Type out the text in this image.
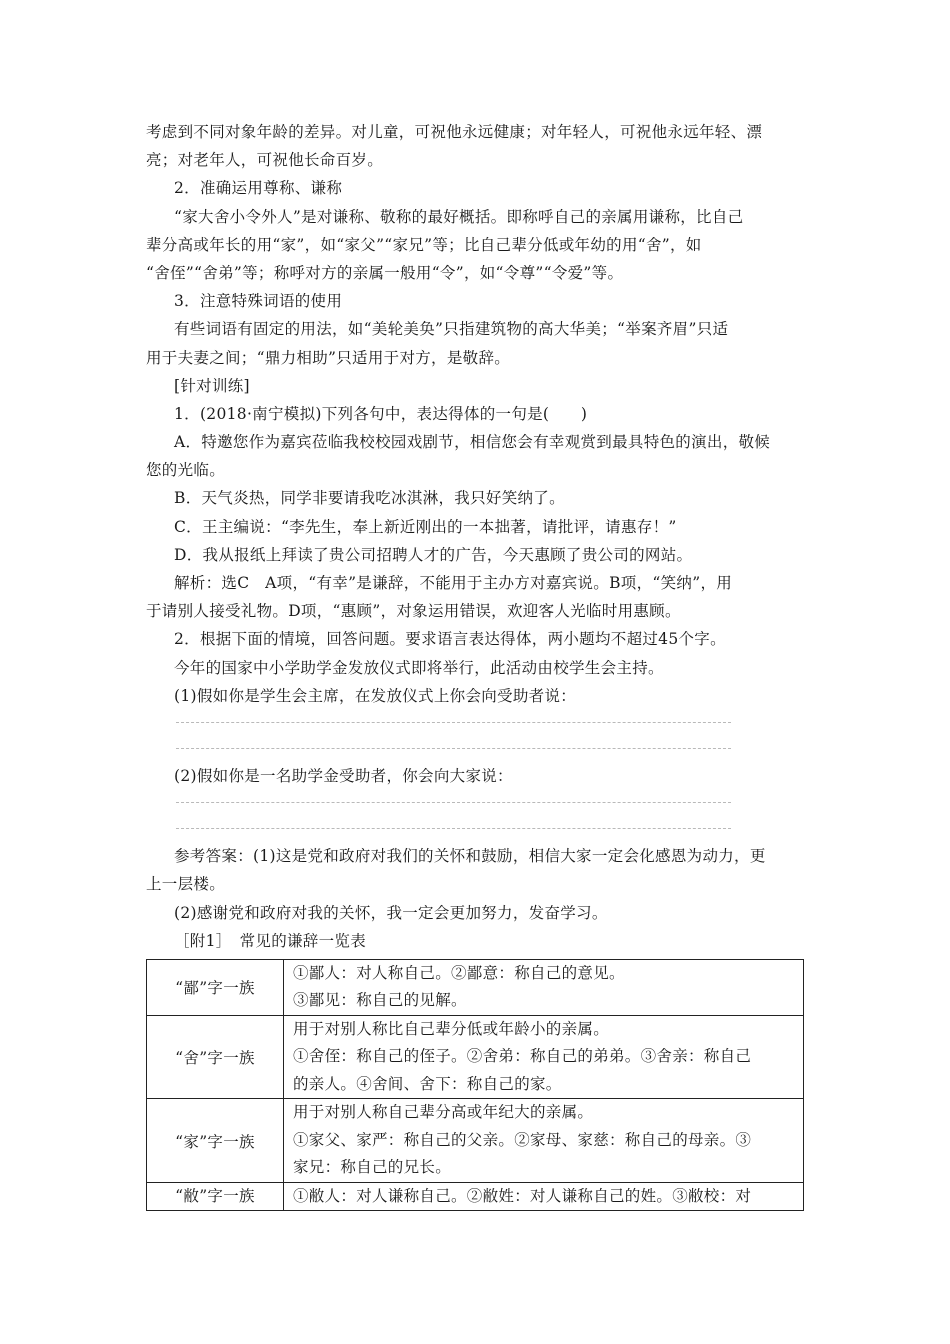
考虑到不同对象年龄的差异。对儿童，可祝他永远健康；对年轻人，可祝他永远年轻、漂
亮；对老年人，可祝他长命百岁。
2．准确运用尊称、谦称
“家大舍小令外人”是对谦称、敬称的最好概括。即称呼自己的亲属用谦称，比自己
辈分高或年长的用“家”，如“家父”“家兄”等；比自己辈分低或年幼的用“舍”，如
“舍侄”“舍弟”等；称呼对方的亲属一般用“令”，如“令尊”“令爱”等。
3．注意特殊词语的使用
有些词语有固定的用法，如“美轮美奂”只指建筑物的高大华美；“举案齐眉”只适
用于夫妻之间；“鼎力相助”只适用于对方，是敬辞。
[针对训练]
1．(2018·南宁模拟)下列各句中，表达得体的一句是(　　)
A．特邀您作为嘉宾莅临我校校园戏剧节，相信您会有幸观赏到最具特色的演出，敬候
您的光临。
B．天气炎热，同学非要请我吃冰淇淋，我只好笑纳了。
C．王主编说：“李先生，奉上新近刚出的一本拙著，请批评，请惠存！”
D．我从报纸上拜读了贵公司招聘人才的广告，今天惠顾了贵公司的网站。
解析：选C　A项，“有幸”是谦辞，不能用于主办方对嘉宾说。B项，“笑纳”，用
于请别人接受礼物。D项，“惠顾”，对象运用错误，欢迎客人光临时用惠顾。
2．根据下面的情境，回答问题。要求语言表达得体，两小题均不超过45个字。
今年的国家中小学助学金发放仪式即将举行，此活动由校学生会主持。
(1)假如你是学生会主席，在发放仪式上你会向受助者说：
(2)假如你是一名助学金受助者，你会向大家说：
参考答案：(1)这是党和政府对我们的关怀和鼓励，相信大家一定会化感恩为动力，更
上一层楼。
(2)感谢党和政府对我的关怀，我一定会更加努力，发奋学习。
［附1］　常见的谦辞一览表
“鄙”字一族
①鄙人：对人称自己。②鄙意：称自己的意见。
③鄙见：称自己的见解。
“舍”字一族
用于对别人称比自己辈分低或年龄小的亲属。
①舍侄：称自己的侄子。②舍弟：称自己的弟弟。③舍亲：称自己
的亲人。④舍间、舍下：称自己的家。
“家”字一族
用于对别人称自己辈分高或年纪大的亲属。
①家父、家严：称自己的父亲。②家母、家慈：称自己的母亲。③
家兄：称自己的兄长。
“敝”字一族	①敝人：对人谦称自己。②敝姓：对人谦称自己的姓。③敝校：对
